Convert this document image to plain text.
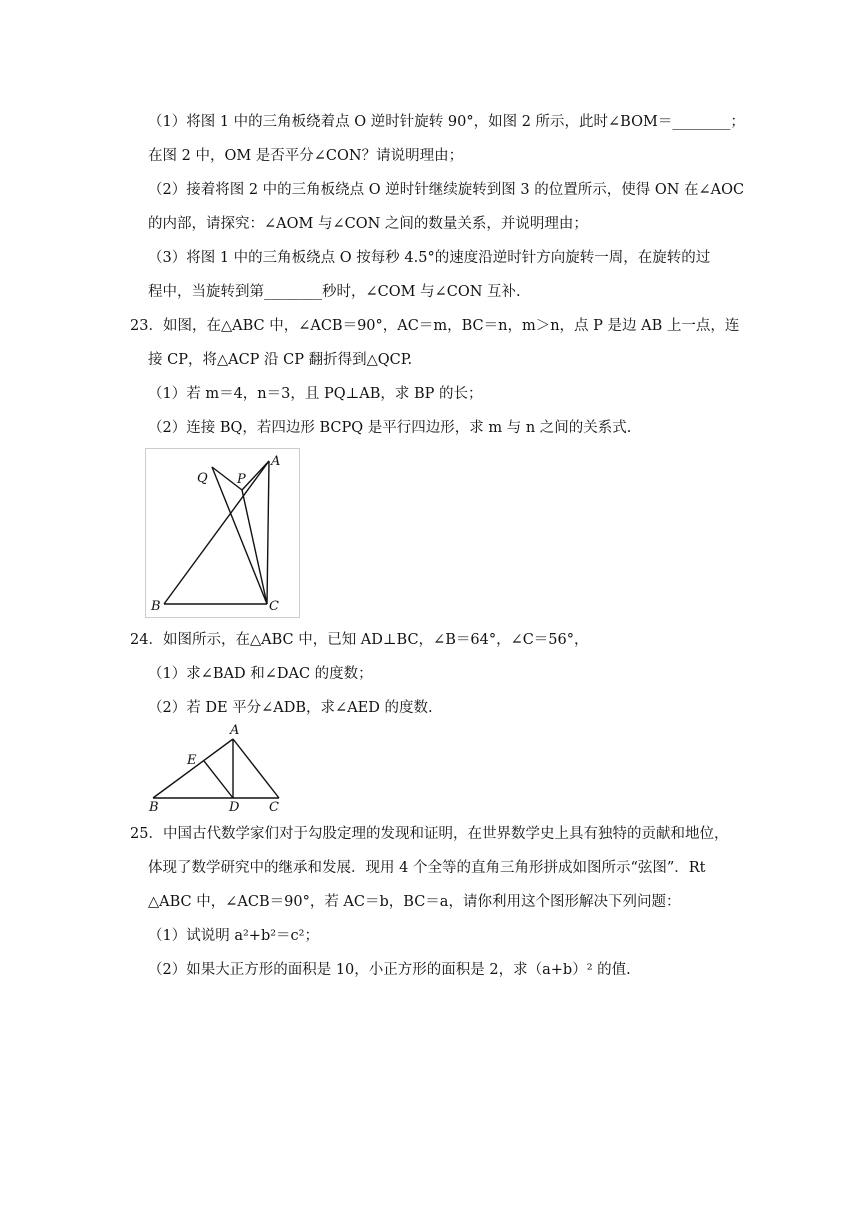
（1）将图 1 中的三角板绕着点 O 逆时针旋转 90°，如图 2 所示，此时∠BOM＝________；
在图 2 中，OM 是否平分∠CON？请说明理由；
（2）接着将图 2 中的三角板绕点 O 逆时针继续旋转到图 3 的位置所示，使得 ON 在∠AOC
的内部，请探究：∠AOM 与∠CON 之间的数量关系，并说明理由；
（3）将图 1 中的三角板绕点 O 按每秒 4.5°的速度沿逆时针方向旋转一周，在旋转的过
程中，当旋转到第________秒时，∠COM 与∠CON 互补.
23．如图，在△ABC 中，∠ACB＝90°，AC＝m，BC＝n，m＞n，点 P 是边 AB 上一点，连
接 CP，将△ACP 沿 CP 翻折得到△QCP.
（1）若 m＝4，n＝3，且 PQ⊥AB，求 BP 的长；
（2）连接 BQ，若四边形 BCPQ 是平行四边形，求 m 与 n 之间的关系式.
Q P
A
B	C
24．如图所示，在△ABC 中，已知 AD⊥BC，∠B＝64°，∠C＝56°，
（1）求∠BAD 和∠DAC 的度数；
（2）若 DE 平分∠ADB，求∠AED 的度数.
A
E
B	D C
25．中国古代数学家们对于勾股定理的发现和证明，在世界数学史上具有独特的贡献和地位，
体现了数学研究中的继承和发展．现用 4 个全等的直角三角形拼成如图所示“弦图”．Rt
△ABC 中，∠ACB＝90°，若 AC＝b，BC＝a，请你利用这个图形解决下列问题：
（1）试说明 a²+b²＝c²；
（2）如果大正方形的面积是 10，小正方形的面积是 2，求（a+b）² 的值.
